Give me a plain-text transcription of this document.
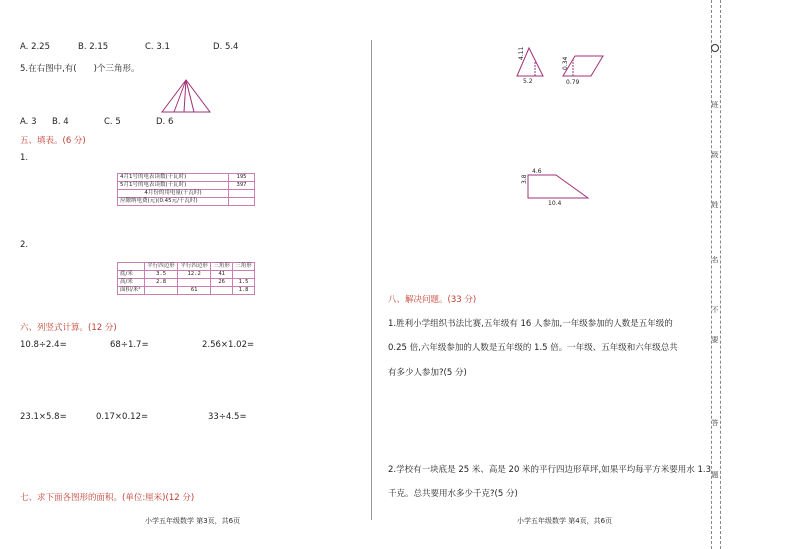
A. 2.25	B. 2.15	C. 3.1	D. 5.4
5.在右图中,有(　　)个三角形。
A. 3 B. 4	C. 5	D. 6
五、填表。(6 分)
1.
4月1号的电表读数(千瓦时)	195
5月1号的电表读数(千瓦时)	397
4月份的用电量(千瓦时)	
应缴纳电费(元)(0.45元/千瓦时)	
2.
	平行四边形	平行四边形	三角形	三角形
底/米	3.5	12.2	41	
高/米	2.8		26	1.5
面积/米²		61		1.8
六、列竖式计算。(12 分)
10.8÷2.4=	68÷1.7=	2.56×1.02=
23.1×5.8=	0.17×0.12=	33÷4.5=
七、求下面各图形的面积。(单位:厘米)(12 分)
小学五年级数学 第3页，共6页
4.11
5.2
0.34
0.79
4.6
3.8
10.4
八、解决问题。(33 分)
1.胜利小学组织书法比赛,五年级有 16 人参加,一年级参加的人数是五年级的
0.25 倍,六年级参加的人数是五年级的 1.5 倍。一年级、五年级和六年级总共
有多少人参加?(5 分)
2.学校有一块底是 25 米、高是 20 米的平行四边形草坪,如果平均每平方米要用水 1.3
千克。总共要用水多少千克?(5 分)
小学五年级数学 第4页，共6页
班
级
姓
名
不
要
答
题
